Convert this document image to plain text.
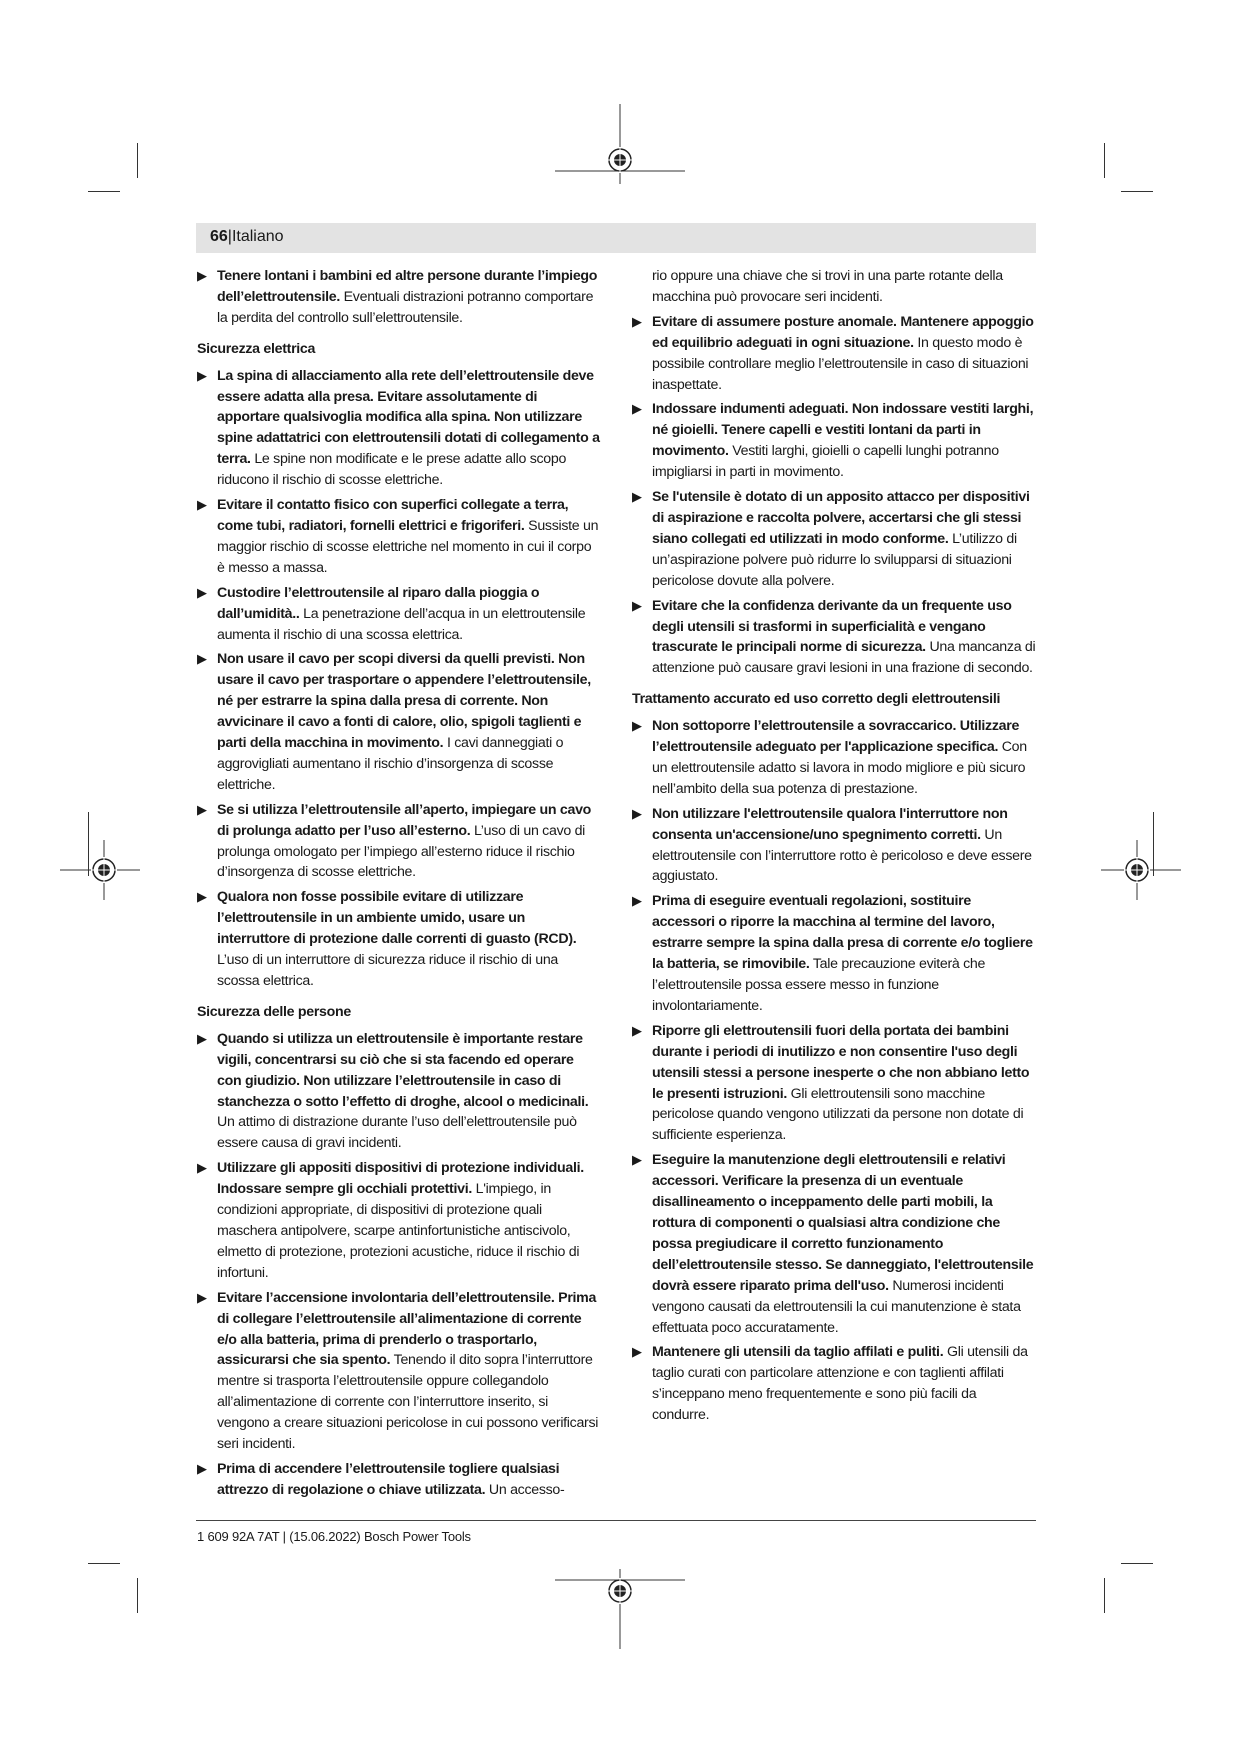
66|Italiano
▶ Tenere lontani i bambini ed altre persone durante l’impiego dell’elettroutensile. Eventuali distrazioni potranno comportare la perdita del controllo sull’elettroutensile.
Sicurezza elettrica
▶ La spina di allacciamento alla rete dell’elettroutensile deve essere adatta alla presa. Evitare assolutamente di apportare qualsivoglia modifica alla spina. Non utilizzare spine adattatrici con elettroutensili dotati di collegamento a terra. Le spine non modificate e le prese adatte allo scopo riducono il rischio di scosse elettriche.
▶ Evitare il contatto fisico con superfici collegate a terra, come tubi, radiatori, fornelli elettrici e frigoriferi. Sussiste un maggior rischio di scosse elettriche nel momento in cui il corpo è messo a massa.
▶ Custodire l’elettroutensile al riparo dalla pioggia o dall’umidità.. La penetrazione dell’acqua in un elettroutensile aumenta il rischio di una scossa elettrica.
▶ Non usare il cavo per scopi diversi da quelli previsti. Non usare il cavo per trasportare o appendere l’elettroutensile, né per estrarre la spina dalla presa di corrente. Non avvicinare il cavo a fonti di calore, olio, spigoli taglienti e parti della macchina in movimento. I cavi danneggiati o aggrovigliati aumentano il rischio d’insorgenza di scosse elettriche.
▶ Se si utilizza l’elettroutensile all’aperto, impiegare un cavo di prolunga adatto per l’uso all’esterno. L’uso di un cavo di prolunga omologato per l’impiego all’esterno riduce il rischio d’insorgenza di scosse elettriche.
▶ Qualora non fosse possibile evitare di utilizzare l’elettroutensile in un ambiente umido, usare un interruttore di protezione dalle correnti di guasto (RCD). L’uso di un interruttore di sicurezza riduce il rischio di una scossa elettrica.
Sicurezza delle persone
▶ Quando si utilizza un elettroutensile è importante restare vigili, concentrarsi su ciò che si sta facendo ed operare con giudizio. Non utilizzare l’elettroutensile in caso di stanchezza o sotto l’effetto di droghe, alcool o medicinali. Un attimo di distrazione durante l’uso dell’elettroutensile può essere causa di gravi incidenti.
▶ Utilizzare gli appositi dispositivi di protezione individuali. Indossare sempre gli occhiali protettivi. L'impiego, in condizioni appropriate, di dispositivi di protezione quali maschera antipolvere, scarpe antinfortunistiche antiscivolo, elmetto di protezione, protezioni acustiche, riduce il rischio di infortuni.
▶ Evitare l’accensione involontaria dell’elettroutensile. Prima di collegare l’elettroutensile all’alimentazione di corrente e/o alla batteria, prima di prenderlo o trasportarlo, assicurarsi che sia spento. Tenendo il dito sopra l’interruttore mentre si trasporta l’elettroutensile oppure collegandolo all’alimentazione di corrente con l’interruttore inserito, si vengono a creare situazioni pericolose in cui possono verificarsi seri incidenti.
▶ Prima di accendere l’elettroutensile togliere qualsiasi attrezzo di regolazione o chiave utilizzata. Un accesso-
rio oppure una chiave che si trovi in una parte rotante della macchina può provocare seri incidenti.
▶ Evitare di assumere posture anomale. Mantenere appoggio ed equilibrio adeguati in ogni situazione. In questo modo è possibile controllare meglio l’elettroutensile in caso di situazioni inaspettate.
▶ Indossare indumenti adeguati. Non indossare vestiti larghi, né gioielli. Tenere capelli e vestiti lontani da parti in movimento. Vestiti larghi, gioielli o capelli lunghi potranno impigliarsi in parti in movimento.
▶ Se l'utensile è dotato di un apposito attacco per dispositivi di aspirazione e raccolta polvere, accertarsi che gli stessi siano collegati ed utilizzati in modo conforme. L’utilizzo di un’aspirazione polvere può ridurre lo svilupparsi di situazioni pericolose dovute alla polvere.
▶ Evitare che la confidenza derivante da un frequente uso degli utensili si trasformi in superficialità e vengano trascurate le principali norme di sicurezza. Una mancanza di attenzione può causare gravi lesioni in una frazione di secondo.
Trattamento accurato ed uso corretto degli elettroutensili
▶ Non sottoporre l’elettroutensile a sovraccarico. Utilizzare l’elettroutensile adeguato per l'applicazione specifica. Con un elettroutensile adatto si lavora in modo migliore e più sicuro nell’ambito della sua potenza di prestazione.
▶ Non utilizzare l'elettroutensile qualora l'interruttore non consenta un'accensione/uno spegnimento corretti. Un elettroutensile con l’interruttore rotto è pericoloso e deve essere aggiustato.
▶ Prima di eseguire eventuali regolazioni, sostituire accessori o riporre la macchina al termine del lavoro, estrarre sempre la spina dalla presa di corrente e/o togliere la batteria, se rimovibile. Tale precauzione eviterà che l’elettroutensile possa essere messo in funzione involontariamente.
▶ Riporre gli elettroutensili fuori della portata dei bambini durante i periodi di inutilizzo e non consentire l'uso degli utensili stessi a persone inesperte o che non abbiano letto le presenti istruzioni. Gli elettroutensili sono macchine pericolose quando vengono utilizzati da persone non dotate di sufficiente esperienza.
▶ Eseguire la manutenzione degli elettroutensili e relativi accessori. Verificare la presenza di un eventuale disallineamento o inceppamento delle parti mobili, la rottura di componenti o qualsiasi altra condizione che possa pregiudicare il corretto funzionamento dell’elettroutensile stesso. Se danneggiato, l'elettroutensile dovrà essere riparato prima dell'uso. Numerosi incidenti vengono causati da elettroutensili la cui manutenzione è stata effettuata poco accuratamente.
▶ Mantenere gli utensili da taglio affilati e puliti. Gli utensili da taglio curati con particolare attenzione e con taglienti affilati s’inceppano meno frequentemente e sono più facili da condurre.
1 609 92A 7AT | (15.06.2022) Bosch Power Tools
